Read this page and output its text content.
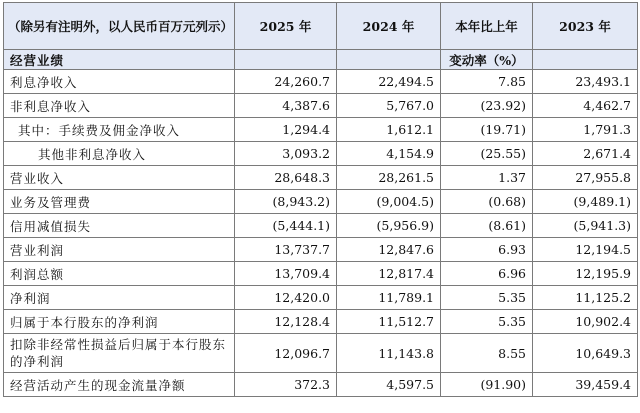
（除另有注明外，以人民币百万元列示）	2025 年	2024 年	本年比上年	2023 年
经营业绩			变动率（%）	
利息净收入	24,260.7	22,494.5	7.85	23,493.1
非利息净收入	4,387.6	5,767.0	(23.92)	4,462.7
其中：手续费及佣金净收入	1,294.4	1,612.1	(19.71)	1,791.3
其他非利息净收入	3,093.2	4,154.9	(25.55)	2,671.4
营业收入	28,648.3	28,261.5	1.37	27,955.8
业务及管理费	(8,943.2)	(9,004.5)	(0.68)	(9,489.1)
信用减值损失	(5,444.1)	(5,956.9)	(8.61)	(5,941.3)
营业利润	13,737.7	12,847.6	6.93	12,194.5
利润总额	13,709.4	12,817.4	6.96	12,195.9
净利润	12,420.0	11,789.1	5.35	11,125.2
归属于本行股东的净利润	12,128.4	11,512.7	5.35	10,902.4
扣除非经常性损益后归属于本行股东的净利润	12,096.7	11,143.8	8.55	10,649.3
经营活动产生的现金流量净额	372.3	4,597.5	(91.90)	39,459.4
